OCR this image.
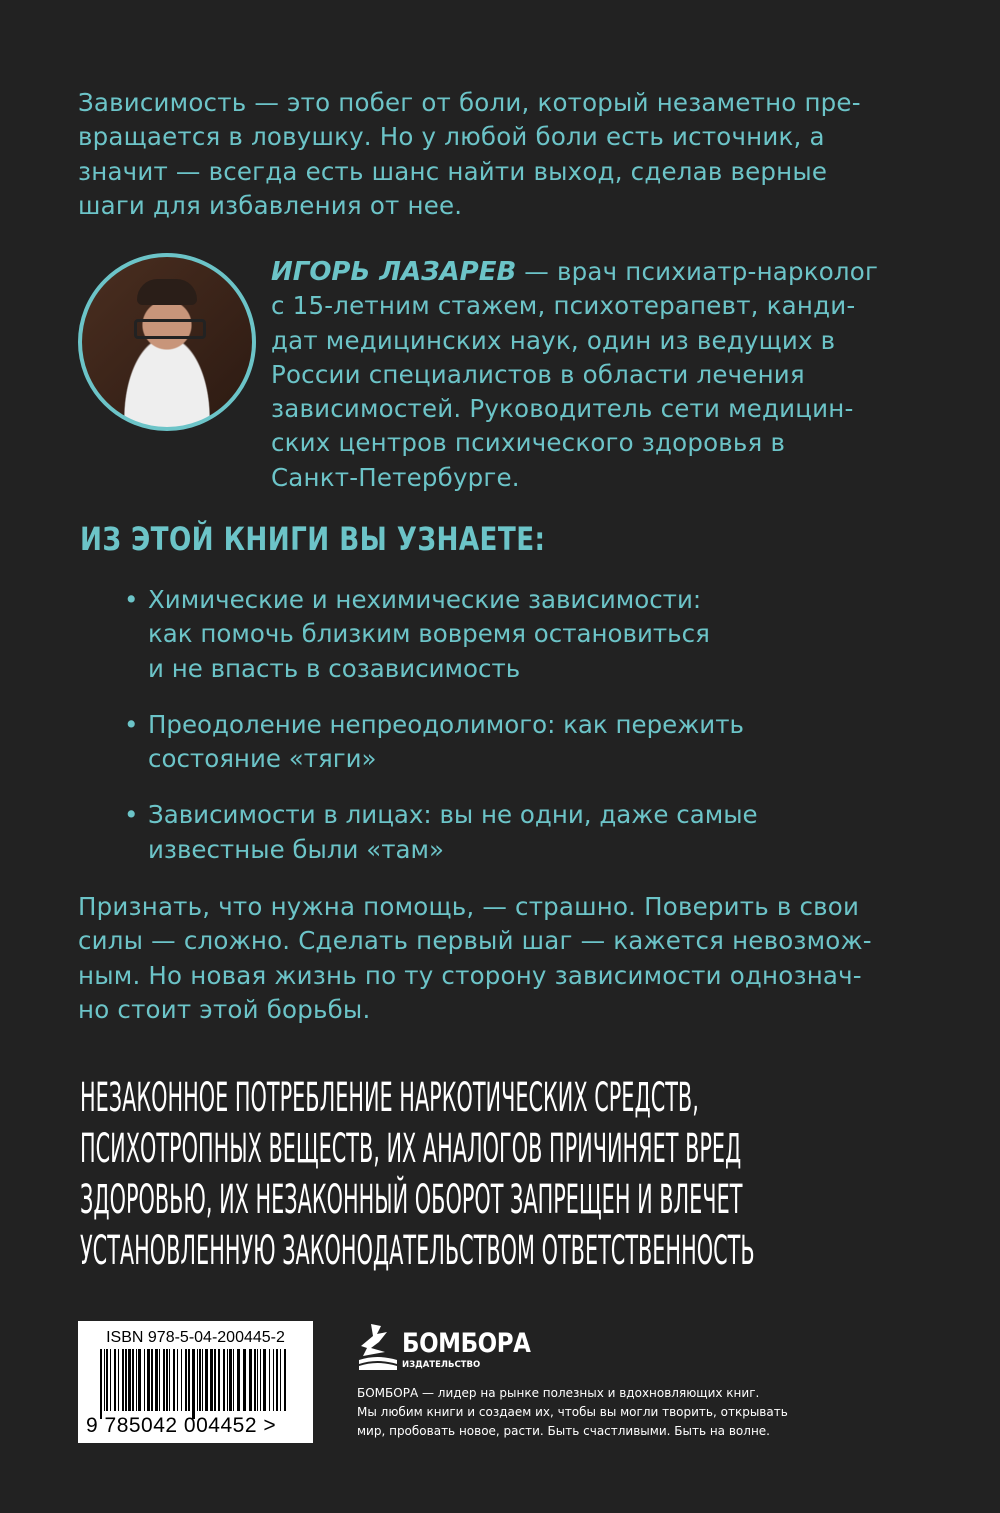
Зависимость — это побег от боли, который незаметно пре-
вращается в ловушку. Но у любой боли есть источник, а
значит — всегда есть шанс найти выход, сделав верные
шаги для избавления от нее.
ИГОРЬ ЛАЗАРЕВ — врач психиатр-нарколог
с 15-летним стажем, психотерапевт, канди-
дат медицинских наук, один из ведущих в
России специалистов в области лечения
зависимостей. Руководитель сети медицин-
ских центров психического здоровья в
Санкт-Петербурге.
ИЗ ЭТОЙ КНИГИ ВЫ УЗНАЕТЕ:
• Химические и нехимические зависимости:
как помочь близким вовремя остановиться
и не впасть в созависимость
• Преодоление непреодолимого: как пережить
состояние «тяги»
• Зависимости в лицах: вы не одни, даже самые
известные были «там»
Признать, что нужна помощь, — страшно. Поверить в свои
силы — сложно. Сделать первый шаг — кажется невозмож-
ным. Но новая жизнь по ту сторону зависимости однознач-
но стоит этой борьбы.
НЕЗАКОННОЕ ПОТРЕБЛЕНИЕ НАРКОТИЧЕСКИХ СРЕДСТВ,
ПСИХОТРОПНЫХ ВЕЩЕСТВ, ИХ АНАЛОГОВ ПРИЧИНЯЕТ ВРЕД
ЗДОРОВЬЮ, ИХ НЕЗАКОННЫЙ ОБОРОТ ЗАПРЕЩЕН И ВЛЕЧЕТ
УСТАНОВЛЕННУЮ ЗАКОНОДАТЕЛЬСТВОМ ОТВЕТСТВЕННОСТЬ
ISBN 978-5-04-200445-2
9 785042 004452 >
БОМБОРА
ИЗДАТЕЛЬСТВО
БОМБОРА — лидер на рынке полезных и вдохновляющих книг.
Мы любим книги и создаем их, чтобы вы могли творить, открывать
мир, пробовать новое, расти. Быть счастливыми. Быть на волне.
